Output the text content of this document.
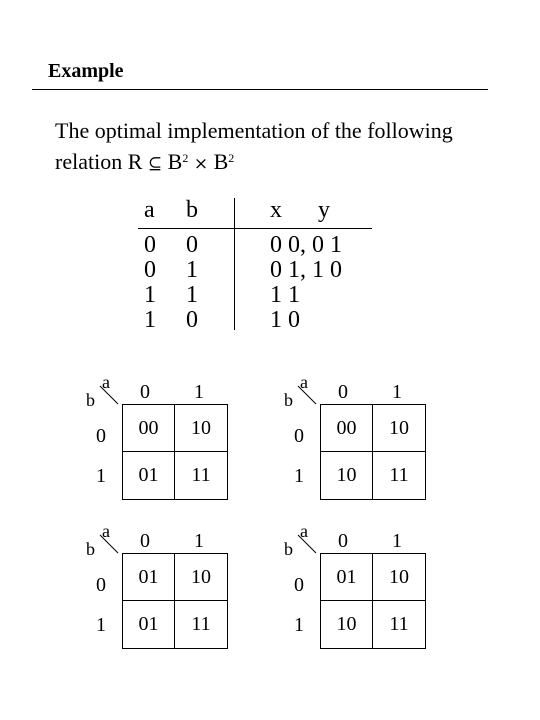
Example
The optimal implementation of the following
relation R ⊆ $B^2 \times B^2$
a b	x y
0 0	0 0, 0 1
0 1	0 1, 1 0
1 1	1 1
1 0	1 0
a
b 0 1
0
1
00	10
01	11
a
b 0 1
0
1
00	10
10	11
a
b 0 1
0
1
01	10
01	11
a
b 0 1
0
1
01	10
10	11
